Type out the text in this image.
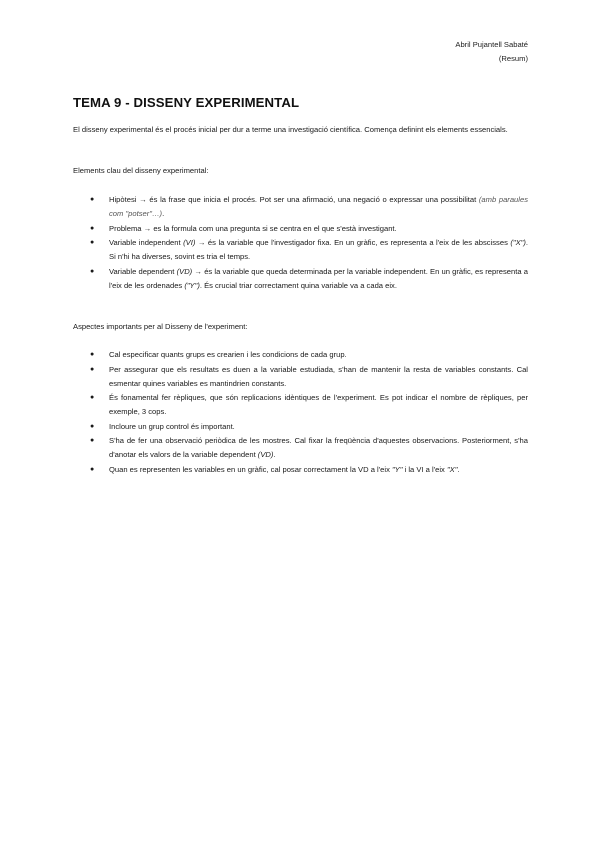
Abril Pujantell Sabaté
(Resum)
TEMA 9 - DISSENY EXPERIMENTAL

El disseny experimental és el procés inicial per dur a terme una investigació científica. Comença definint els elements essencials.

Elements clau del disseny experimental:

● Hipòtesi → és la frase que inicia el procés. Pot ser una afirmació, una negació o expressar una possibilitat (amb paraules com "potser"…).
● Problema → es la formula com una pregunta si se centra en el que s'està investigant.
● Variable independent (VI) → és la variable que l'investigador fixa. En un gràfic, es representa a l'eix de les abscisses ("X"). Si n'hi ha diverses, sovint es tria el temps.
● Variable dependent (VD) → és la variable que queda determinada per la variable independent. En un gràfic, es representa a l'eix de les ordenades ("Y"). És crucial triar correctament quina variable va a cada eix.

Aspectes importants per al Disseny de l'experiment:

● Cal especificar quants grups es crearien i les condicions de cada grup.
● Per assegurar que els resultats es duen a la variable estudiada, s'han de mantenir la resta de variables constants. Cal esmentar quines variables es mantindrien constants.
● És fonamental fer rèpliques, que són replicacions idèntiques de l'experiment. Es pot indicar el nombre de rèpliques, per exemple, 3 cops.
● Incloure un grup control és important.
● S'ha de fer una observació periòdica de les mostres. Cal fixar la freqüència d'aquestes observacions. Posteriorment, s'ha d'anotar els valors de la variable dependent (VD).
● Quan es representen les variables en un gràfic, cal posar correctament la VD a l'eix "Y" i la VI a l'eix "X".
